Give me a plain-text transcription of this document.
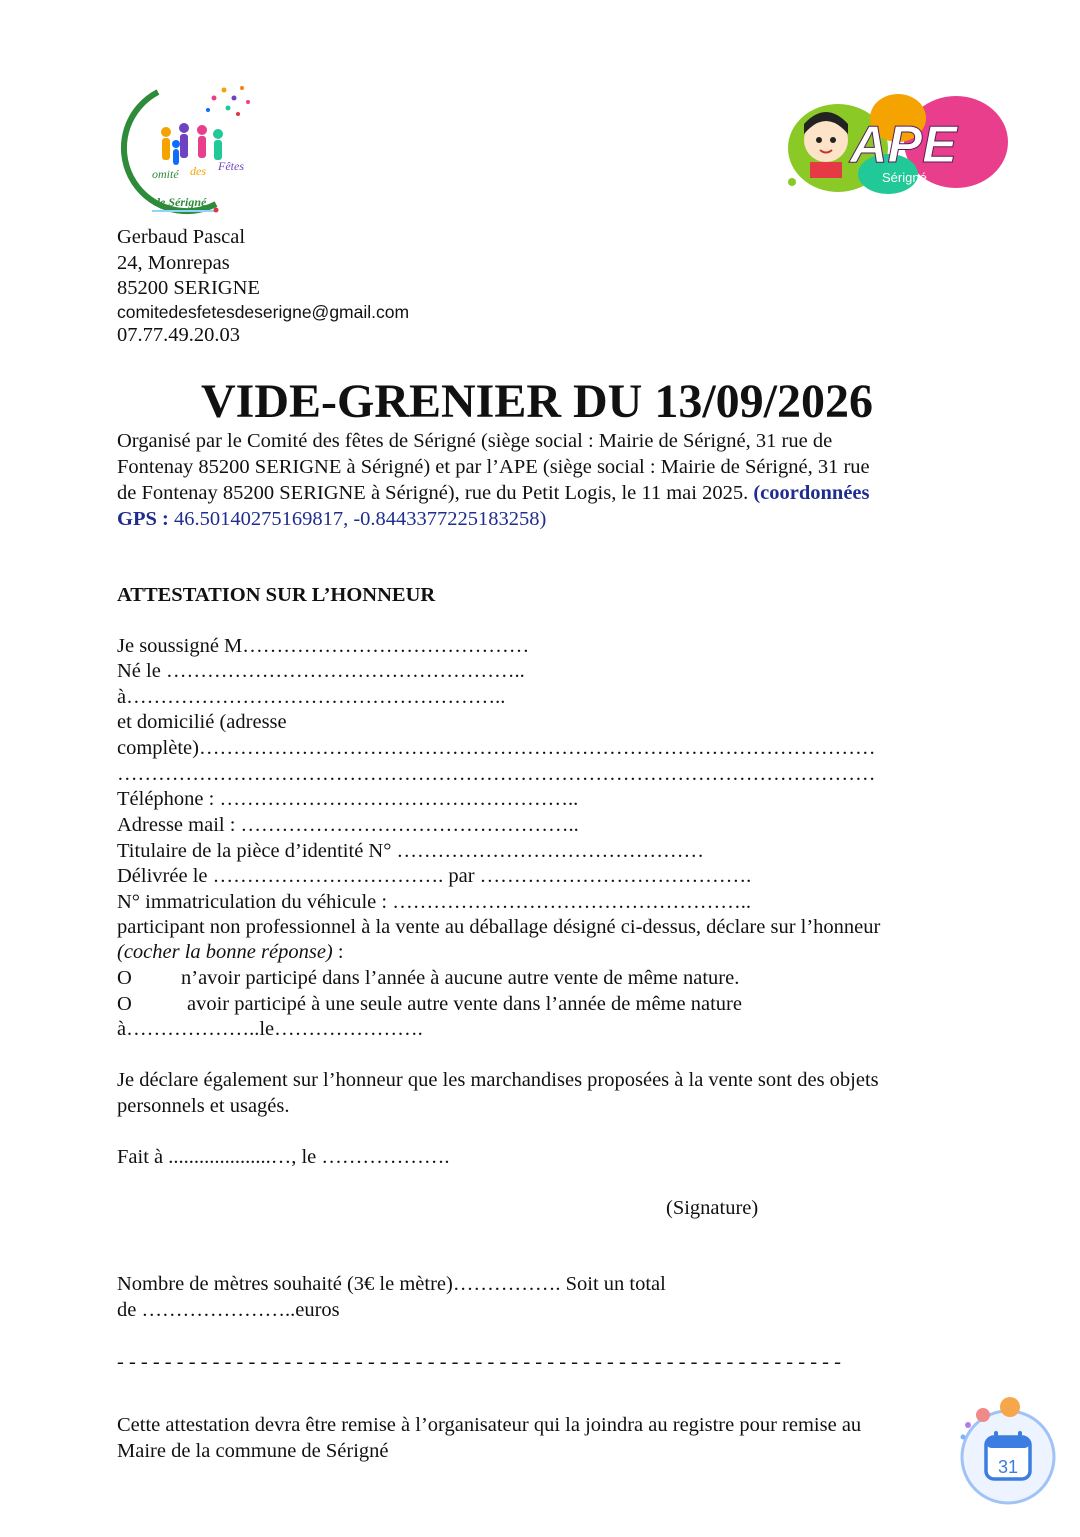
omité des Fêtes
de Sérigné
APE
Sérigné
Gerbaud Pascal
24, Monrepas
85200 SERIGNE
comitedesfetesdeserigne@gmail.com
07.77.49.20.03
VIDE-GRENIER DU 13/09/2026
Organisé par le Comité des fêtes de Sérigné (siège social : Mairie de Sérigné, 31 rue de
Fontenay 85200 SERIGNE à Sérigné) et par l’APE (siège social : Mairie de Sérigné, 31 rue
de Fontenay 85200 SERIGNE à Sérigné), rue du Petit Logis, le 11 mai 2025. (coordonnées
GPS : 46.50140275169817, -0.8443377225183258)
ATTESTATION SUR L’HONNEUR
Je soussigné M……………………………………
Né le ……………………………………………..
à………………………………………………..
et domicilié (adresse
complète)………………………………………………………………………………………
…………………………………………………………………………………………………
Téléphone : ……………………………………………..
Adresse mail : …………………………………………..
Titulaire de la pièce d’identité N° ………………………………………
Délivrée le ……………………………. par ………………………………….
N° immatriculation du véhicule : ……………………………………………..
participant non professionnel à la vente au déballage désigné ci-dessus, déclare sur l’honneur
(cocher la bonne réponse) :
O n’avoir participé dans l’année à aucune autre vente de même nature.
O	avoir participé à une seule autre vente dans l’année de même nature
à………………..le………………….
Je déclare également sur l’honneur que les marchandises proposées à la vente sont des objets
personnels et usagés.
Fait à ....................…, le ……………….
(Signature)
Nombre de mètres souhaité (3€ le mètre)……………. Soit un total
de …………………..euros
- - - - - - - - - - - - - - - - - - - - - - - - - - - - - - - - - - - - - - - - - - - - - - - - - - - - - - - - - - - - -
Cette attestation devra être remise à l’organisateur qui la joindra au registre pour remise au
Maire de la commune de Sérigné
31
